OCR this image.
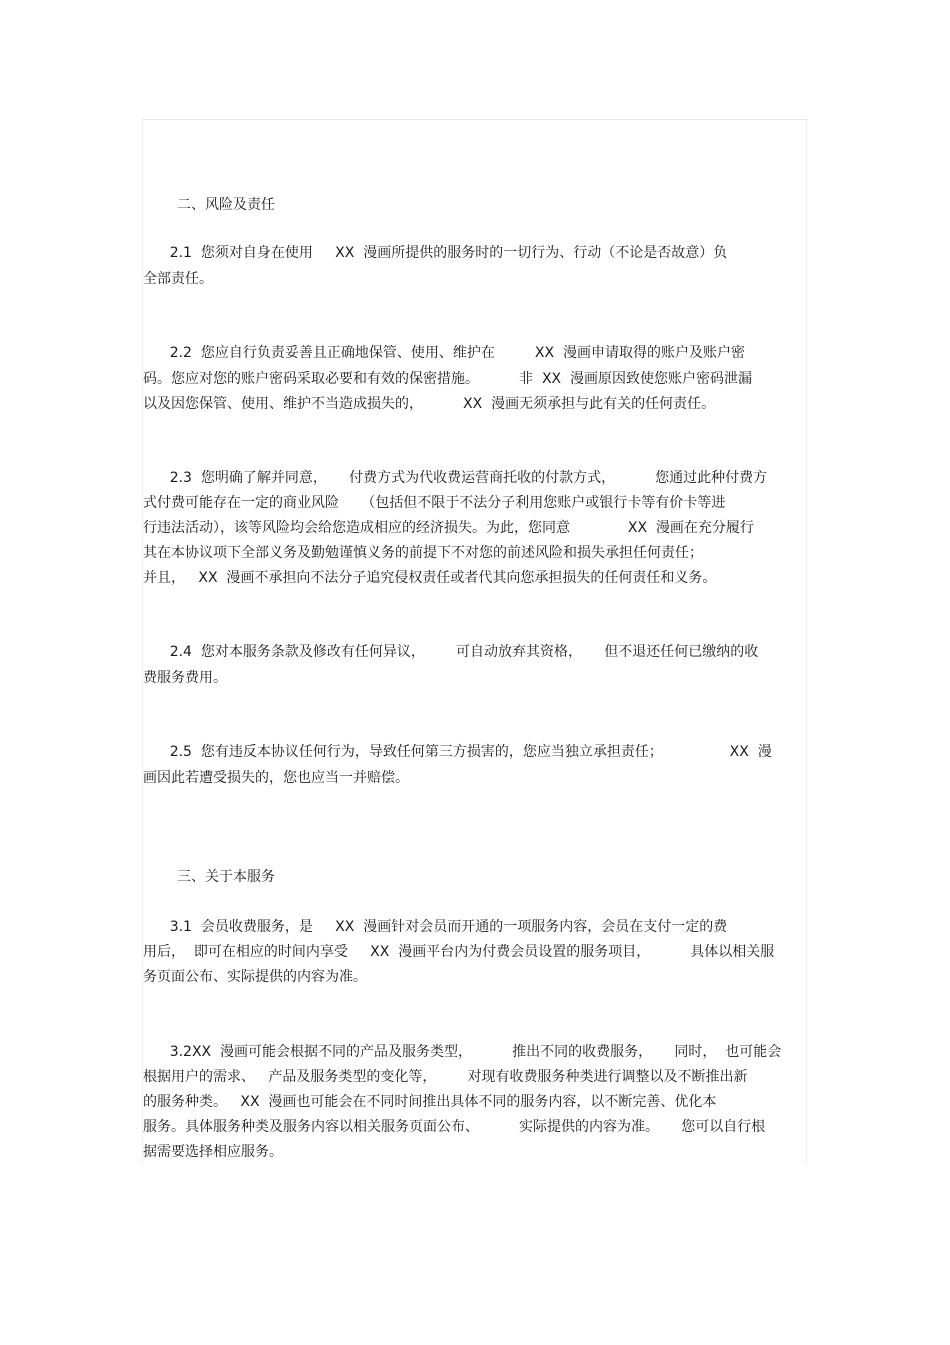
二、风险及责任
2.1  您须对自身在使用     XX  漫画所提供的服务时的一切行为、行动（不论是否故意）负
全部责任。
2.2  您应自行负责妥善且正确地保管、使用、维护在         XX  漫画申请取得的账户及账户密
码。您应对您的账户密码采取必要和有效的保密措施。         非  XX  漫画原因致使您账户密码泄漏
以及因您保管、使用、维护不当造成损失的，         XX  漫画无须承担与此有关的任何责任。
2.3  您明确了解并同意，     付费方式为代收费运营商托收的付款方式，         您通过此种付费方
式付费可能存在一定的商业风险     （包括但不限于不法分子利用您账户或银行卡等有价卡等进
行违法活动），该等风险均会给您造成相应的经济损失。为此，您同意             XX  漫画在充分履行
其在本协议项下全部义务及勤勉谨慎义务的前提下不对您的前述风险和损失承担任何责任；
并且，   XX  漫画不承担向不法分子追究侵权责任或者代其向您承担损失的任何责任和义务。
2.4  您对本服务条款及修改有任何异议，       可自动放弃其资格，     但不退还任何已缴纳的收
费服务费用。
2.5  您有违反本协议任何行为，导致任何第三方损害的，您应当独立承担责任；               XX  漫
画因此若遭受损失的，您也应当一并赔偿。
三、关于本服务
3.1  会员收费服务，是     XX  漫画针对会员而开通的一项服务内容，会员在支付一定的费
用后，  即可在相应的时间内享受     XX  漫画平台内为付费会员设置的服务项目，         具体以相关服
务页面公布、实际提供的内容为准。
3.2XX  漫画可能会根据不同的产品及服务类型，         推出不同的收费服务，     同时，  也可能会
根据用户的需求、   产品及服务类型的变化等，       对现有收费服务种类进行调整以及不断推出新
的服务种类。   XX  漫画也可能会在不同时间推出具体不同的服务内容，以不断完善、优化本
服务。具体服务种类及服务内容以相关服务页面公布、         实际提供的内容为准。     您可以自行根
据需要选择相应服务。
